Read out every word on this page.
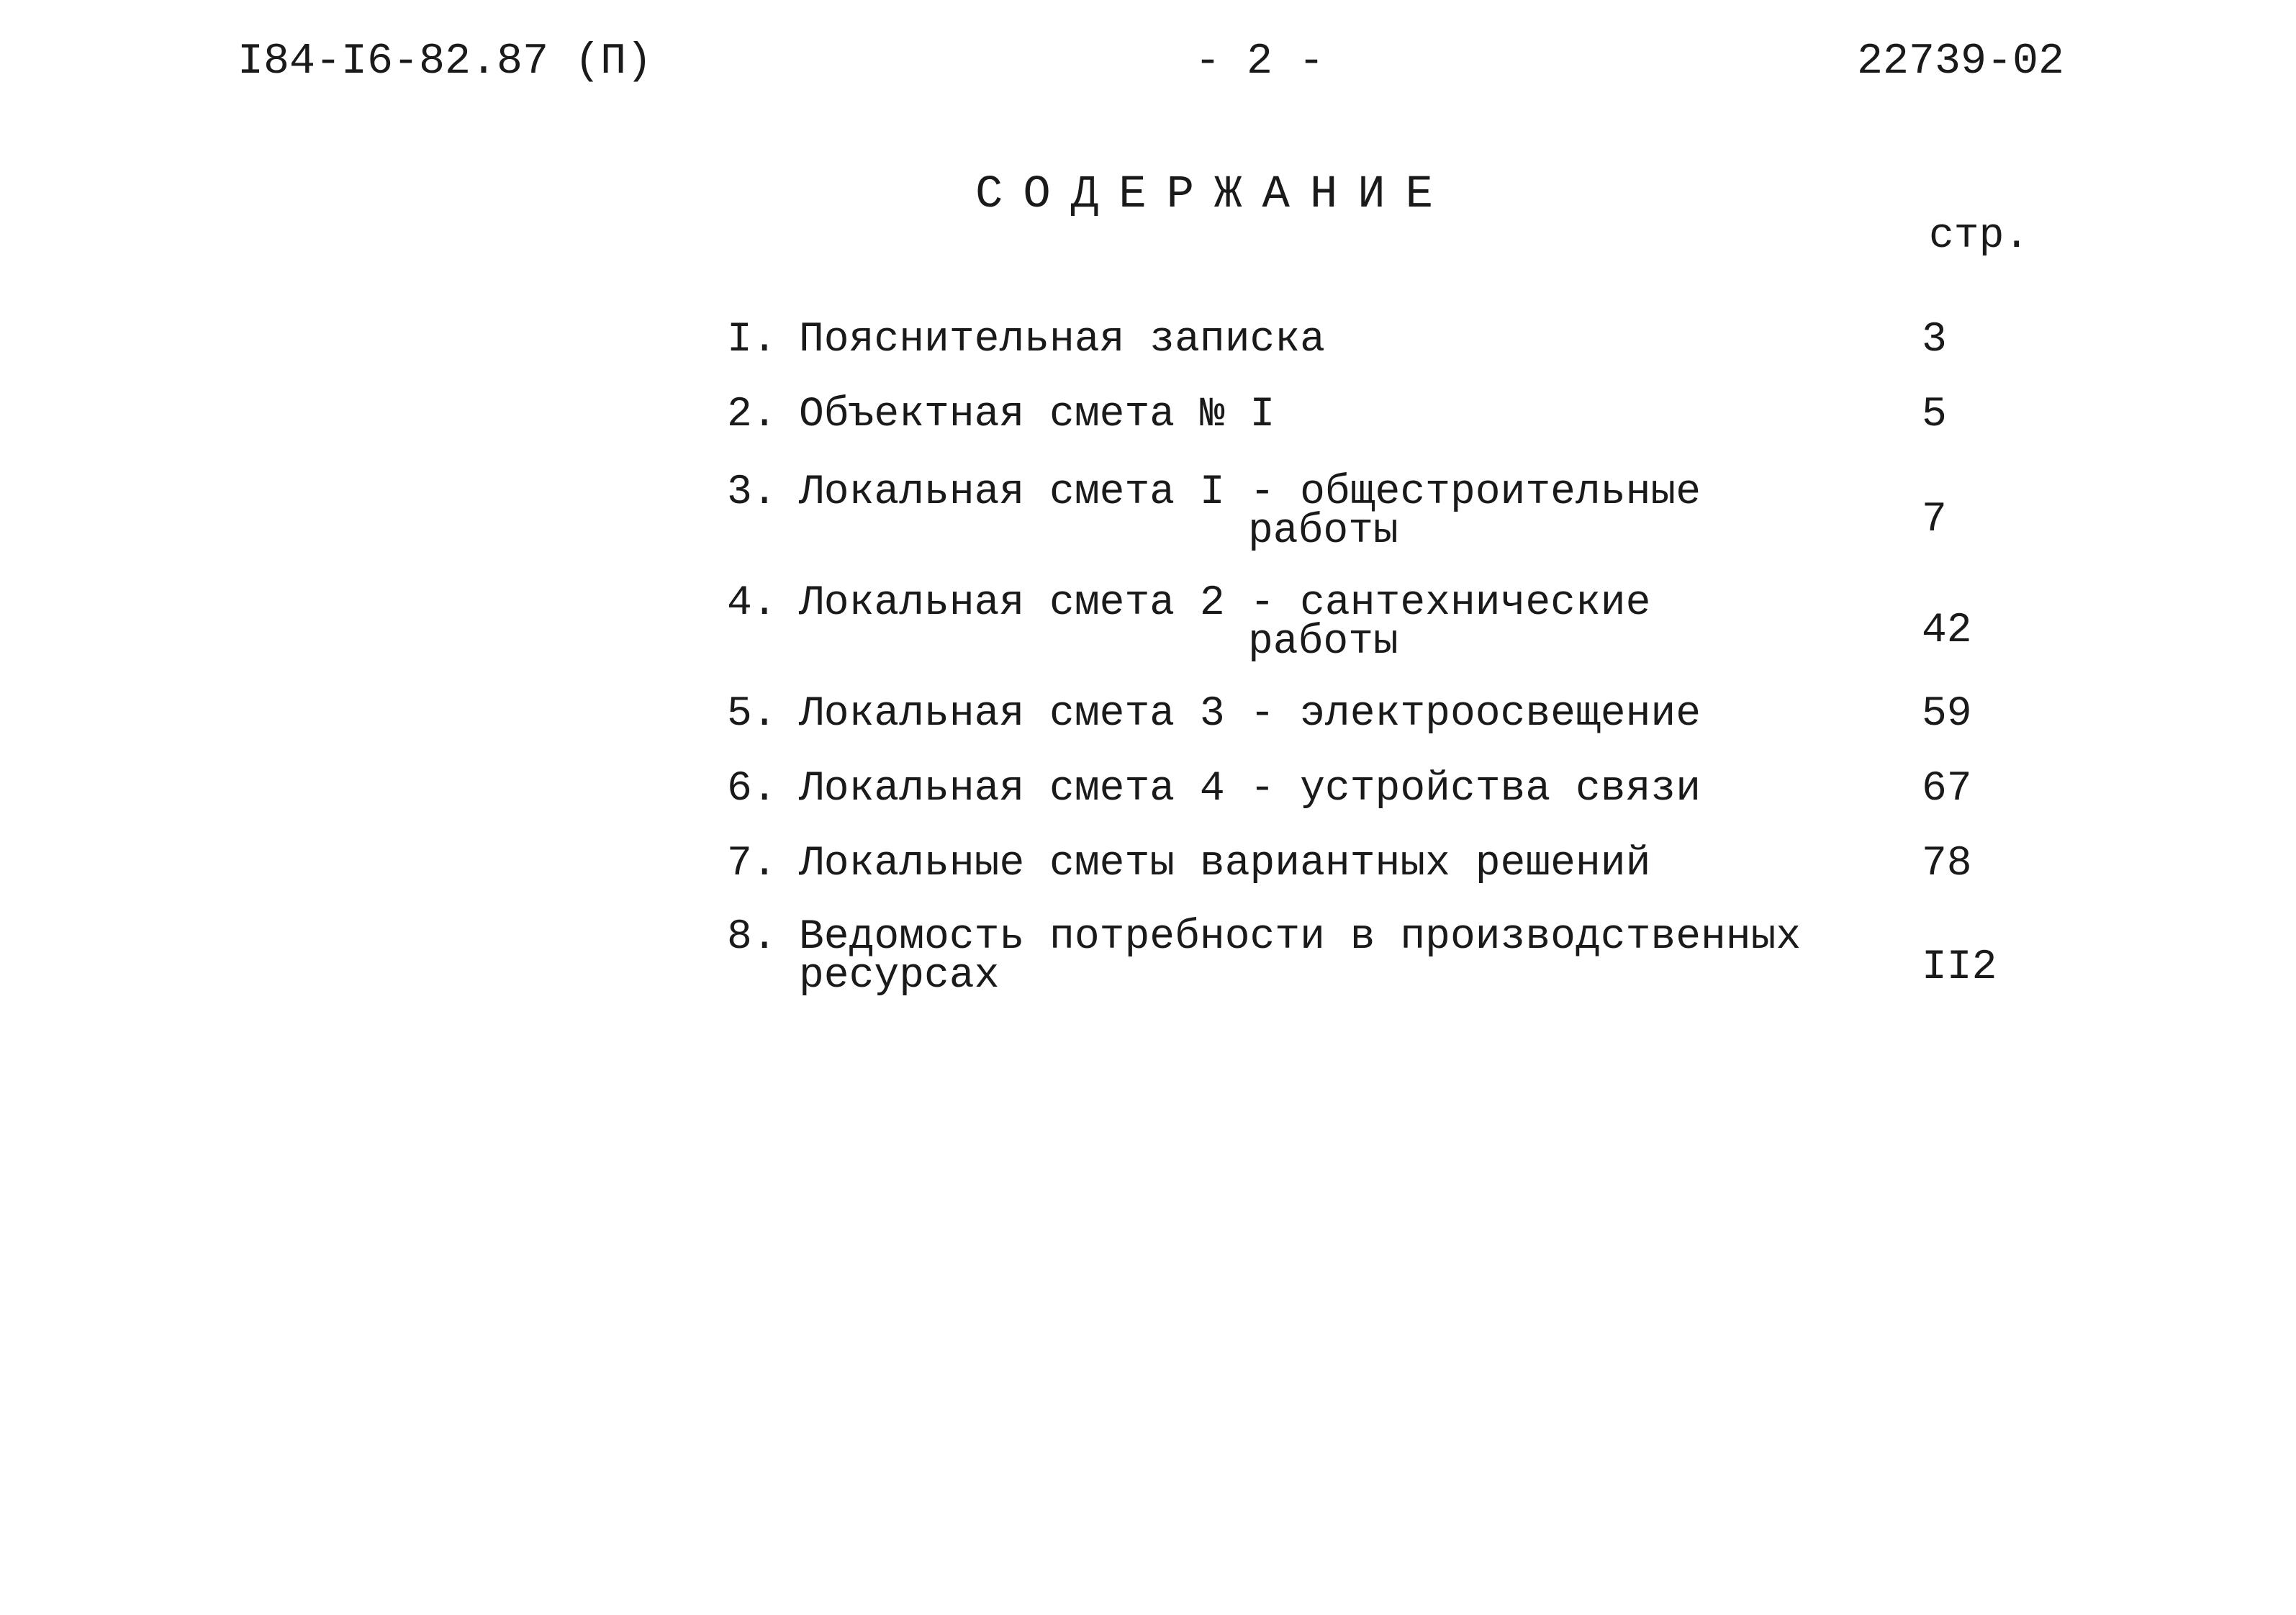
I84-I6-82.87 (П)	- 2 -	22739-02
СОДЕРЖАНИЕ
стр.
I. Пояснительная записка	3
2. Объектная смета № I	5
3. Локальная смета I - общестроительные
работы	7
4. Локальная смета 2 - сантехнические
работы	42
5. Локальная смета 3 - электроосвещение	59
6. Локальная смета 4 - устройства связи	67
7. Локальные сметы вариантных решений	78
8. Ведомость потребности в производственных
ресурсах	II2
